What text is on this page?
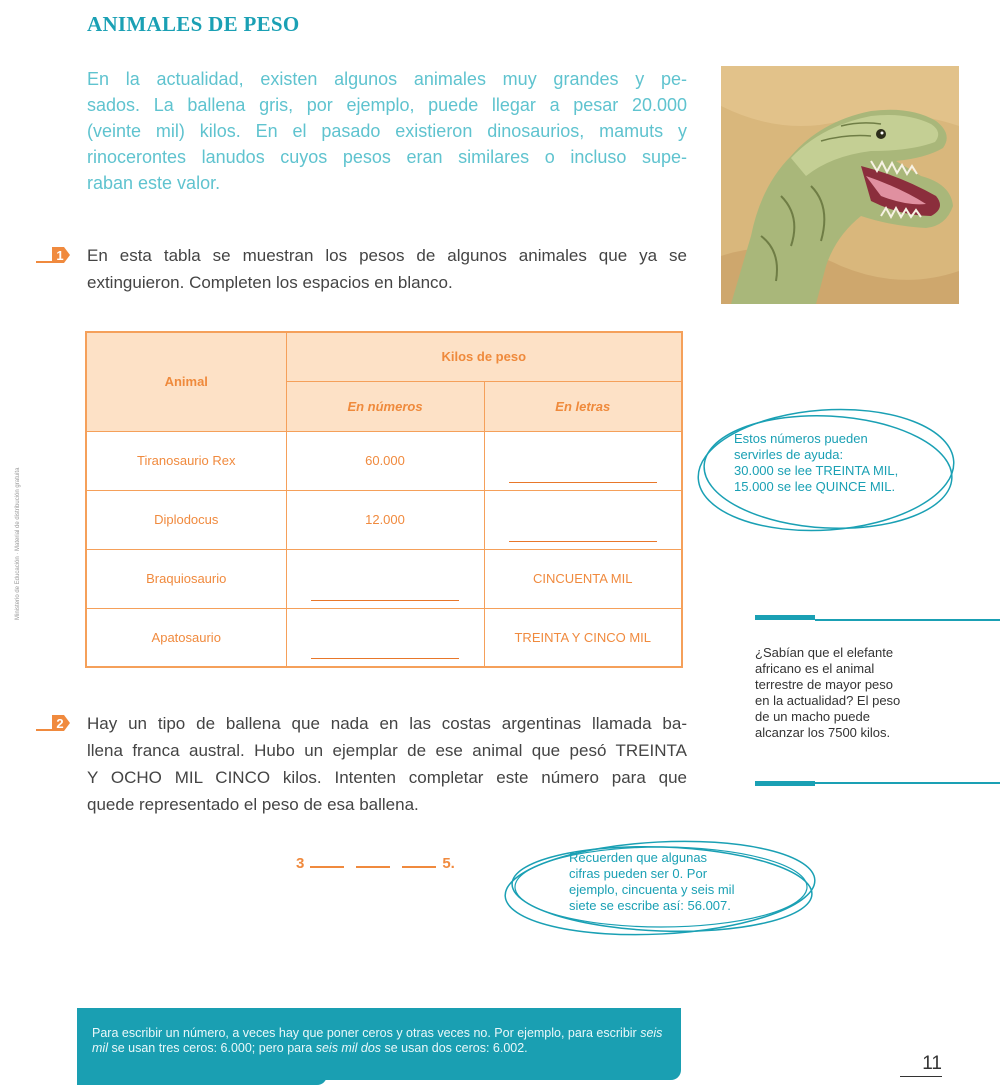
ANIMALES DE PESO
En la actualidad, existen algunos animales muy grandes y pe-
sados. La ballena gris, por ejemplo, puede llegar a pesar 20.000
(veinte mil) kilos. En el pasado existieron dinosaurios, mamuts y
rinocerontes lanudos cuyos pesos eran similares o incluso supe-
raban este valor.
1 En esta tabla se muestran los pesos de algunos animales que ya se
extinguieron. Completen los espacios en blanco.
Ministerio de Educación · Material de distribución gratuita
Animal	Kilos de peso	
	En números	En letras
Tiranosaurio Rex	60.000	
Diplodocus	12.000	
Braquiosaurio		CINCUENTA MIL
Apatosaurio		TREINTA Y CINCO MIL
Estos números pueden
servirles de ayuda:
30.000 se lee TREINTA MIL,
15.000 se lee QUINCE MIL.
¿Sabían que el elefante
africano es el animal
terrestre de mayor peso
en la actualidad? El peso
de un macho puede
alcanzar los 7500 kilos.
2 Hay un tipo de ballena que nada en las costas argentinas llamada ba-
llena franca austral. Hubo un ejemplar de ese animal que pesó TREINTA
Y OCHO MIL CINCO kilos. Intenten completar este número para que
quede representado el peso de esa ballena.
3	5.	Recuerden que algunas
cifras pueden ser 0. Por
ejemplo, cincuenta y seis mil
siete se escribe así: 56.007.
Para escribir un número, a veces hay que poner ceros y otras veces no. Por ejemplo, para escribir seis mil se usan tres ceros: 6.000; pero para seis mil dos se usan dos ceros: 6.002.
11
